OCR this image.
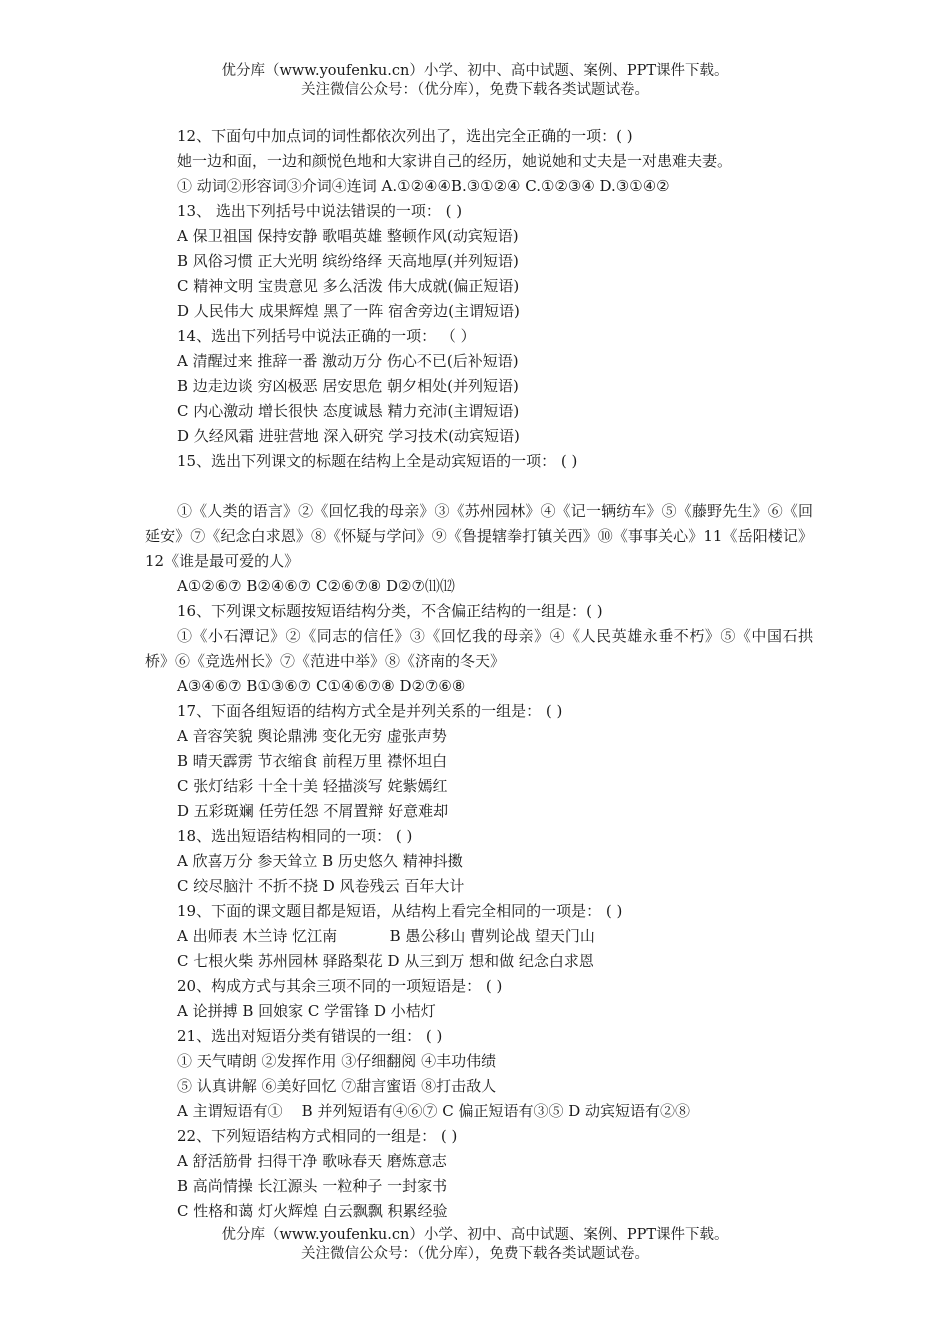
优分库（www.youfenku.cn）小学、初中、高中试题、案例、PPT课件下载。
关注微信公众号：（优分库），免费下载各类试题试卷。

12、下面句中加点词的词性都依次列出了，选出完全正确的一项：( )

她一边和面，一边和颜悦色地和大家讲自己的经历，她说她和丈夫是一对患难夫妻。

① 动词②形容词③介词④连词 A.①②④④B.③①②④ C.①②③④ D.③①④②

13、 选出下列括号中说法错误的一项： ( )

A 保卫祖国 保持安静 歌唱英雄 整顿作风(动宾短语)

B 风俗习惯 正大光明 缤纷络绎 天高地厚(并列短语)

C 精神文明 宝贵意见 多么活泼 伟大成就(偏正短语)

D 人民伟大 成果辉煌 黑了一阵 宿舍旁边(主谓短语)

14、选出下列括号中说法正确的一项： （ ）

A 清醒过来 推辞一番 激动万分 伤心不已(后补短语)

B 边走边谈 穷凶极恶 居安思危 朝夕相处(并列短语)

C 内心激动 增长很快 态度诚恳 精力充沛(主谓短语)

D 久经风霜 进驻营地 深入研究 学习技术(动宾短语)

15、选出下列课文的标题在结构上全是动宾短语的一项： ( )

①《人类的语言》②《回忆我的母亲》③《苏州园林》④《记一辆纺车》⑤《藤野先生》⑥《回延安》⑦《纪念白求恩》⑧《怀疑与学问》⑨《鲁提辖拳打镇关西》⑩《事事关心》11《岳阳楼记》12《谁是最可爱的人》

A①②⑥⑦ B②④⑥⑦ C②⑥⑦⑧ D②⑦⑾⑿

16、下列课文标题按短语结构分类，不含偏正结构的一组是：( )

①《小石潭记》②《同志的信任》③《回忆我的母亲》④《人民英雄永垂不朽》⑤《中国石拱桥》⑥《竞选州长》⑦《范进中举》⑧《济南的冬天》

A③④⑥⑦ B①③⑥⑦ C①④⑥⑦⑧ D②⑦⑥⑧

17、下面各组短语的结构方式全是并列关系的一组是： ( )

A 音容笑貌 舆论鼎沸 变化无穷 虚张声势

B 晴天霹雳 节衣缩食 前程万里 襟怀坦白

C 张灯结彩 十全十美 轻描淡写 姹紫嫣红

D 五彩斑斓 任劳任怨 不屑置辩 好意难却

18、选出短语结构相同的一项： ( )

A 欣喜万分 参天耸立 B 历史悠久 精神抖擞

C 绞尽脑汁 不折不挠 D 风卷残云 百年大计

19、下面的课文题目都是短语，从结构上看完全相同的一项是： ( )

A 出师表 木兰诗 忆江南           B 愚公移山 曹刿论战 望天门山

C 七根火柴 苏州园林 驿路梨花 D 从三到万 想和做 纪念白求恩

20、构成方式与其余三项不同的一项短语是： ( )

A 论拼搏 B 回娘家 C 学雷锋 D 小桔灯

21、选出对短语分类有错误的一组： ( )

① 天气晴朗 ②发挥作用 ③仔细翻阅 ④丰功伟绩

⑤ 认真讲解 ⑥美好回忆 ⑦甜言蜜语 ⑧打击敌人

A 主谓短语有①    B 并列短语有④⑥⑦ C 偏正短语有③⑤ D 动宾短语有②⑧

22、下列短语结构方式相同的一组是： ( )

A 舒活筋骨 扫得干净 歌咏春天 磨炼意志

B 高尚情操 长江源头 一粒种子 一封家书

C 性格和蔼 灯火辉煌 白云飘飘 积累经验

优分库（www.youfenku.cn）小学、初中、高中试题、案例、PPT课件下载。
关注微信公众号：（优分库），免费下载各类试题试卷。
